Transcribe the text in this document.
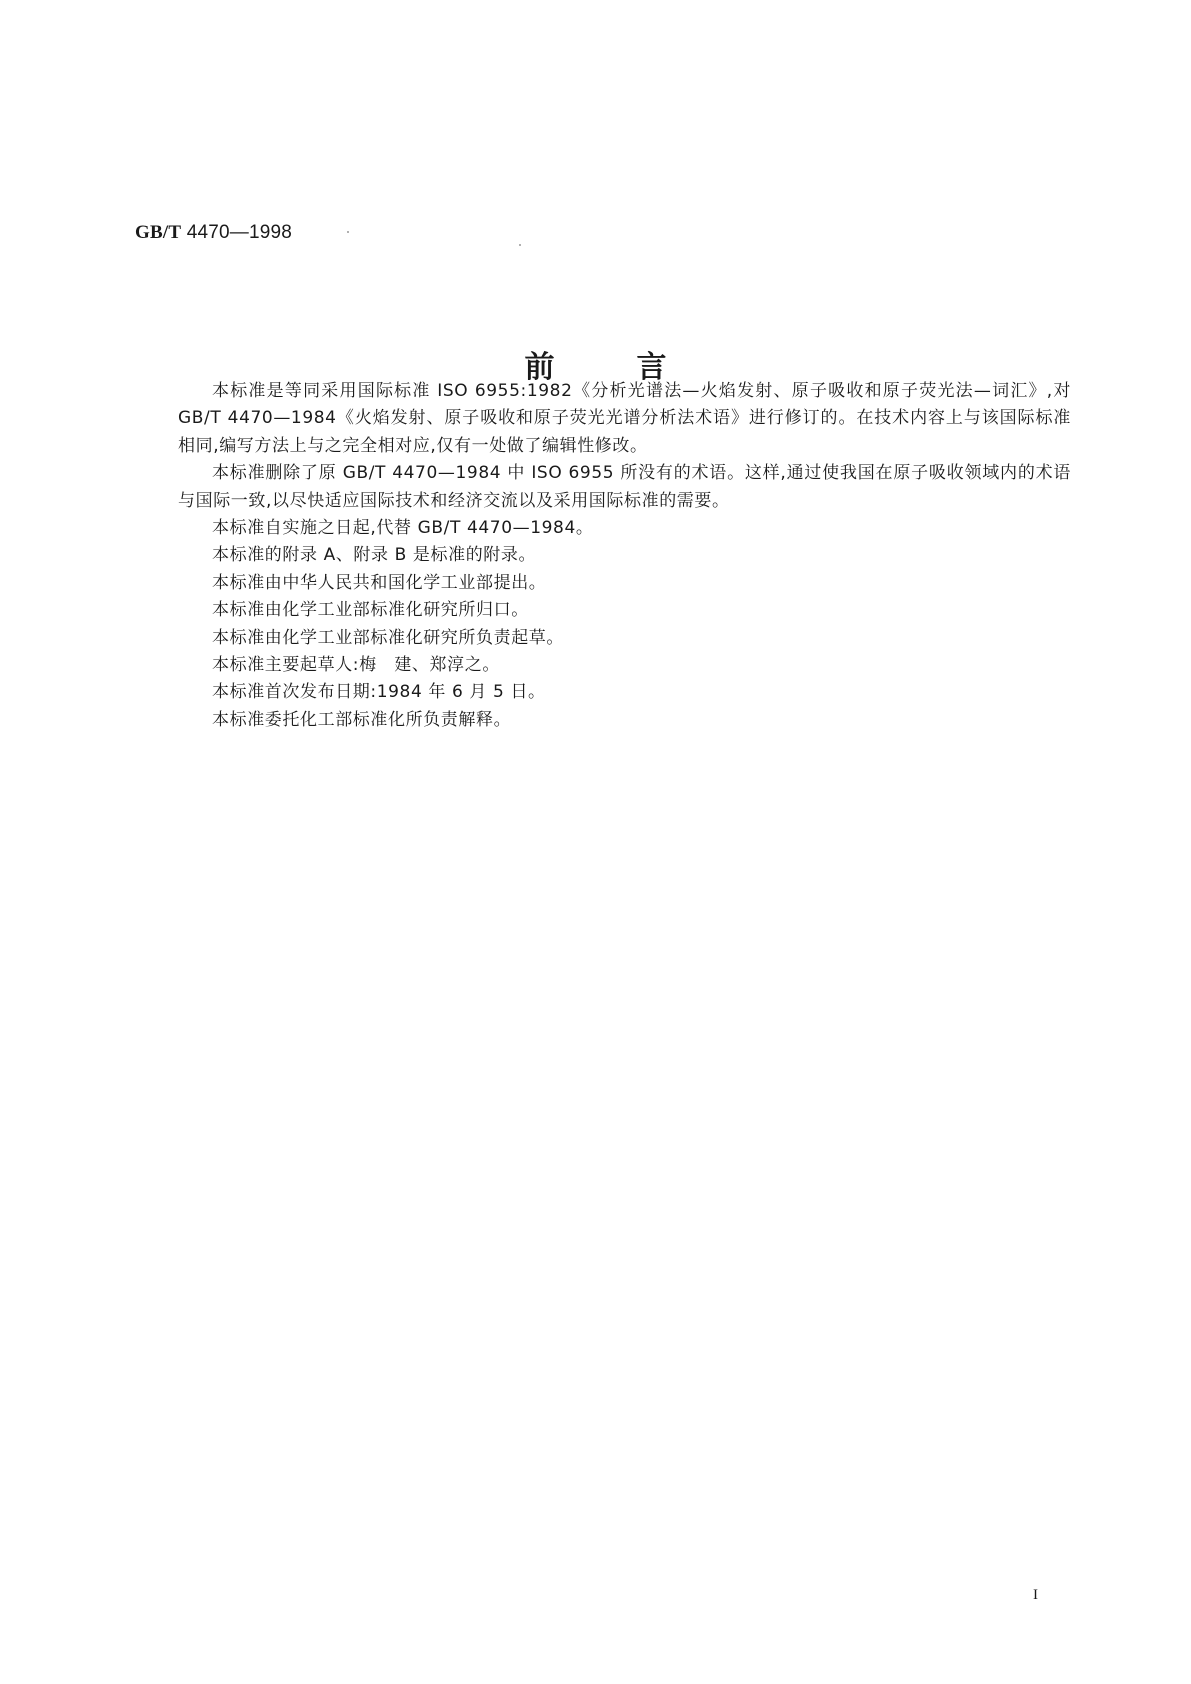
GB/T 4470—1998
前言

本标准是等同采用国际标准 ISO 6955:1982《分析光谱法—火焰发射、原子吸收和原子荧光法—词汇》,对 GB/T 4470—1984《火焰发射、原子吸收和原子荧光光谱分析法术语》进行修订的。在技术内容上与该国际标准相同,编写方法上与之完全相对应,仅有一处做了编辑性修改。

本标准删除了原 GB/T 4470—1984 中 ISO 6955 所没有的术语。这样,通过使我国在原子吸收领域内的术语与国际一致,以尽快适应国际技术和经济交流以及采用国际标准的需要。

本标准自实施之日起,代替 GB/T 4470—1984。

本标准的附录 A、附录 B 是标准的附录。

本标准由中华人民共和国化学工业部提出。

本标准由化学工业部标准化研究所归口。

本标准由化学工业部标准化研究所负责起草。

本标准主要起草人:梅　建、郑淳之。

本标准首次发布日期:1984 年 6 月 5 日。

本标准委托化工部标准化所负责解释。

I
